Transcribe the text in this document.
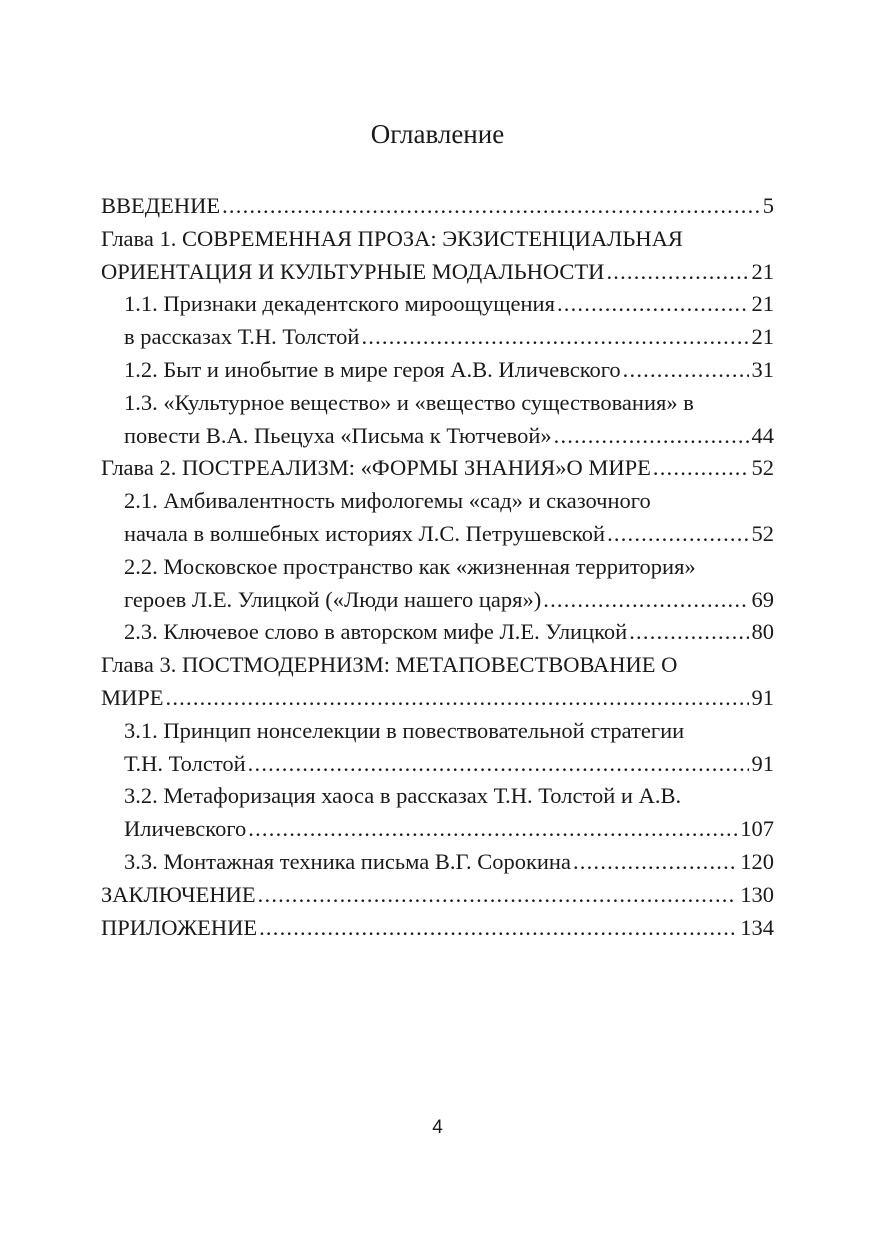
Оглавление
ВВЕДЕНИЕ .....	5
Глава 1. СОВРЕМЕННАЯ ПРОЗА: ЭКЗИСТЕНЦИАЛЬНАЯ
ОРИЕНТАЦИЯ И КУЛЬТУРНЫЕ МОДАЛЬНОСТИ .....	21
1.1. Признаки декадентского мироощущения .....	21
в рассказах Т.Н. Толстой .....	21
1.2. Быт и инобытие в мире героя А.В. Иличевского .....	31
1.3. «Культурное вещество» и «вещество существования» в
повести В.А. Пьецуха «Письма к Тютчевой» .....	44
Глава 2. ПОСТРЕАЛИЗМ: «ФОРМЫ ЗНАНИЯ»О МИРЕ .....	52
2.1. Амбивалентность мифологемы «сад» и сказочного
начала в волшебных историях Л.С. Петрушевской .....	52
2.2. Московское пространство как «жизненная территория»
героев Л.Е. Улицкой («Люди нашего царя») .....	69
2.3. Ключевое слово в авторском мифе Л.Е. Улицкой .....	80
Глава 3. ПОСТМОДЕРНИЗМ: МЕТАПОВЕСТВОВАНИЕ О
МИРЕ .....	91
3.1. Принцип нонселекции в повествовательной стратегии
Т.Н. Толстой .....	91
3.2. Метафоризация хаоса в рассказах Т.Н. Толстой и А.В.
Иличевского .....	107
3.3. Монтажная техника письма В.Г. Сорокина .....	120
ЗАКЛЮЧЕНИЕ .....	130
ПРИЛОЖЕНИЕ .....	134
4
